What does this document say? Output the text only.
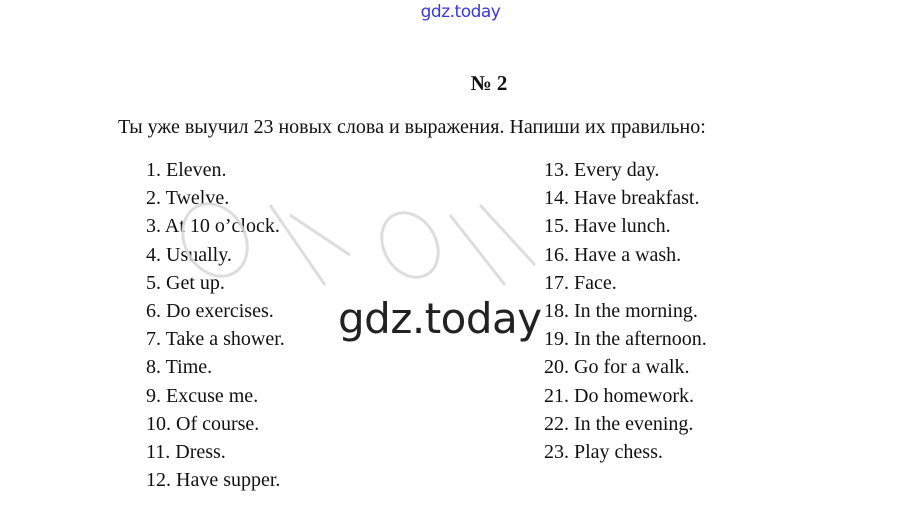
gdz.today
№ 2
Ты уже выучил 23 новых слова и выражения. Напиши их правильно:
1. Eleven.
2. Twelve.
3. At 10 o’clock.
4. Usually.
5. Get up.
6. Do exercises.
7. Take a shower.
8. Time.
9. Excuse me.
10. Of course.
11. Dress.
12. Have supper.
13. Every day.
14. Have breakfast.
15. Have lunch.
16. Have a wash.
17. Face.
18. In the morning.
19. In the afternoon.
20. Go for a walk.
21. Do homework.
22. In the evening.
23. Play chess.
gdz.today
